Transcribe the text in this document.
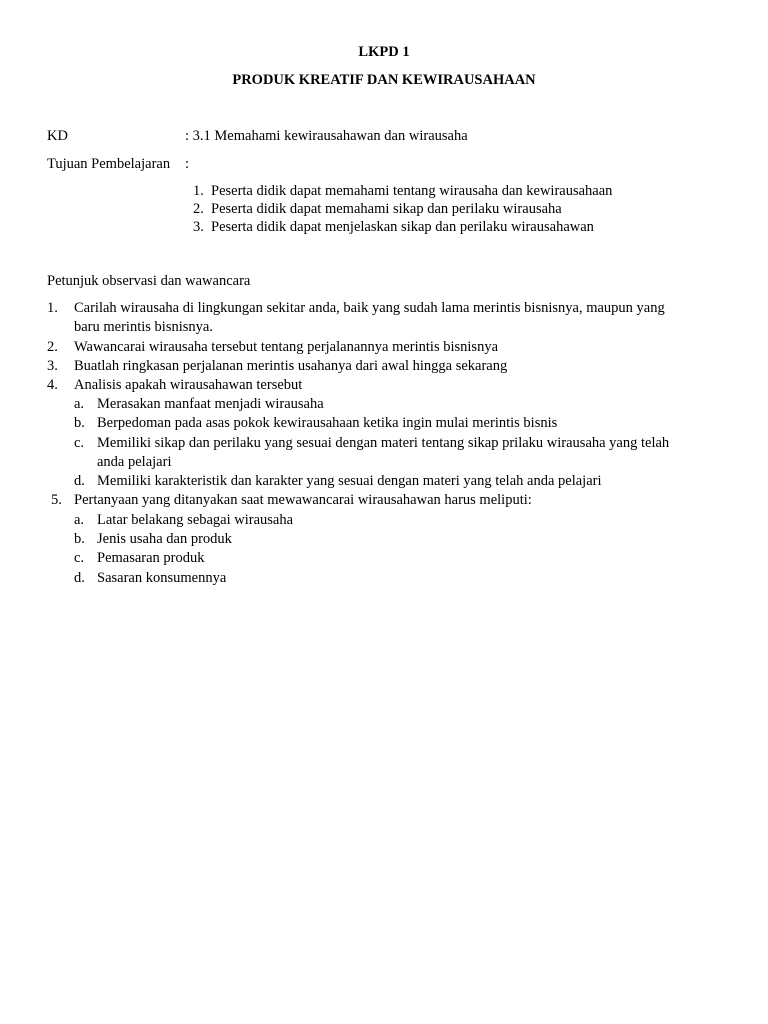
LKPD 1
PRODUK KREATIF DAN KEWIRAUSAHAAN
KD	: 3.1 Memahami kewirausahawan dan wirausaha
Tujuan Pembelajaran :
1. Peserta didik dapat memahami tentang wirausaha dan kewirausahaan
2. Peserta didik dapat memahami sikap dan perilaku wirausaha
3. Peserta didik dapat menjelaskan sikap dan perilaku wirausahawan
Petunjuk observasi dan wawancara
1. Carilah wirausaha di lingkungan sekitar anda, baik yang sudah lama merintis bisnisnya, maupun yang
baru merintis bisnisnya.
2. Wawancarai wirausaha tersebut tentang perjalanannya merintis bisnisnya
3. Buatlah ringkasan perjalanan merintis usahanya dari awal hingga sekarang
4. Analisis apakah wirausahawan tersebut
a. Merasakan manfaat menjadi wirausaha
b. Berpedoman pada asas pokok kewirausahaan ketika ingin mulai merintis bisnis
c. Memiliki sikap dan perilaku yang sesuai dengan materi tentang sikap prilaku wirausaha yang telah
anda pelajari
d. Memiliki karakteristik dan karakter yang sesuai dengan materi yang telah anda pelajari
5. Pertanyaan yang ditanyakan saat mewawancarai wirausahawan harus meliputi:
a. Latar belakang sebagai wirausaha
b. Jenis usaha dan produk
c. Pemasaran produk
d. Sasaran konsumennya
